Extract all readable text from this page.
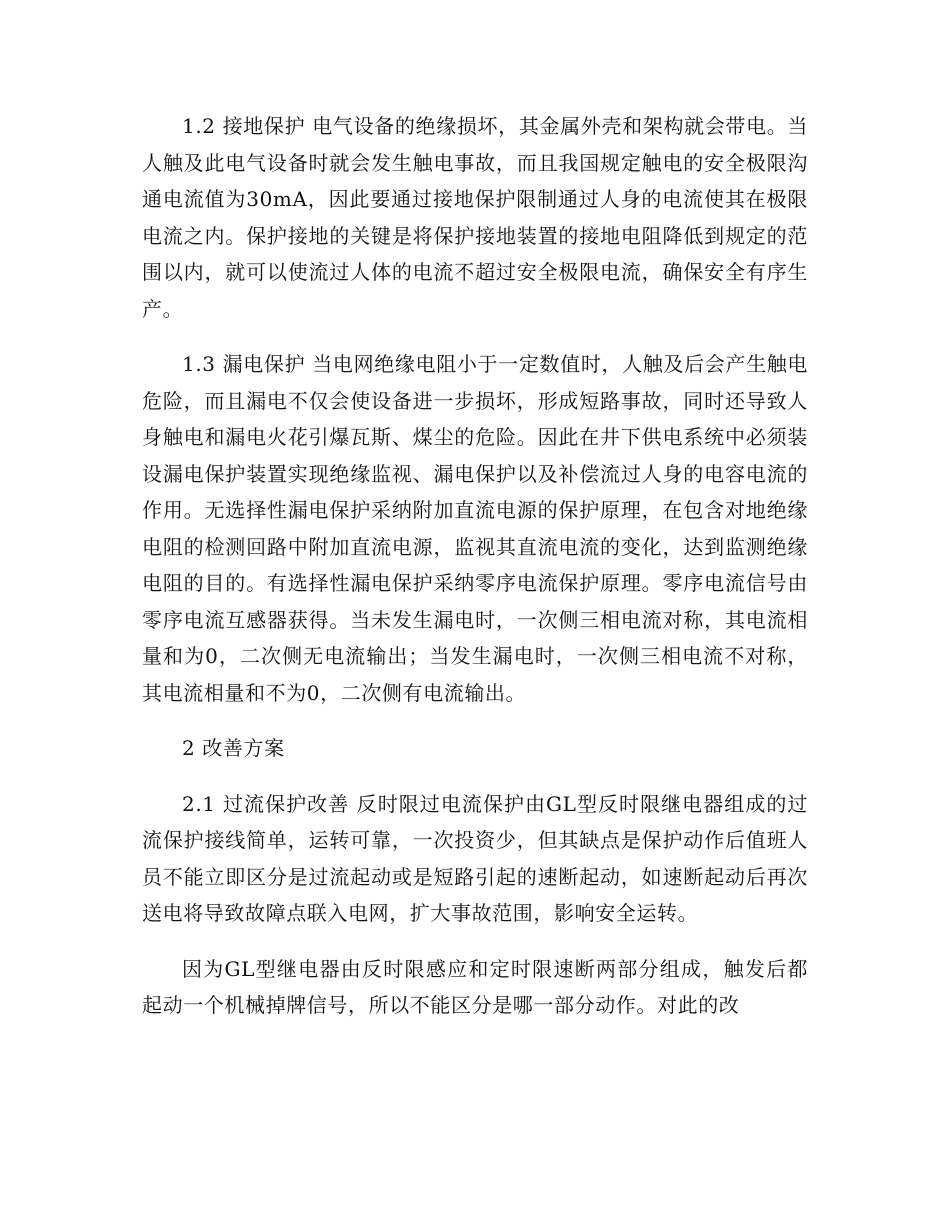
1.2 接地保护 电气设备的绝缘损坏，其金属外壳和架构就会带电。当人触及此电气设备时就会发生触电事故，而且我国规定触电的安全极限沟通电流值为30mA，因此要通过接地保护限制通过人身的电流使其在极限电流之内。保护接地的关键是将保护接地装置的接地电阻降低到规定的范围以内，就可以使流过人体的电流不超过安全极限电流，确保安全有序生产。

1.3 漏电保护 当电网绝缘电阻小于一定数值时，人触及后会产生触电危险，而且漏电不仅会使设备进一步损坏，形成短路事故，同时还导致人身触电和漏电火花引爆瓦斯、煤尘的危险。因此在井下供电系统中必须装设漏电保护装置实现绝缘监视、漏电保护以及补偿流过人身的电容电流的作用。无选择性漏电保护采纳附加直流电源的保护原理，在包含对地绝缘电阻的检测回路中附加直流电源，监视其直流电流的变化，达到监测绝缘电阻的目的。有选择性漏电保护采纳零序电流保护原理。零序电流信号由零序电流互感器获得。当未发生漏电时，一次侧三相电流对称，其电流相量和为0，二次侧无电流输出；当发生漏电时，一次侧三相电流不对称，其电流相量和不为0，二次侧有电流输出。

2 改善方案

2.1 过流保护改善 反时限过电流保护由GL型反时限继电器组成的过流保护接线简单，运转可靠，一次投资少，但其缺点是保护动作后值班人员不能立即区分是过流起动或是短路引起的速断起动，如速断起动后再次送电将导致故障点联入电网，扩大事故范围，影响安全运转。

因为GL型继电器由反时限感应和定时限速断两部分组成，触发后都起动一个机械掉牌信号，所以不能区分是哪一部分动作。对此的改
